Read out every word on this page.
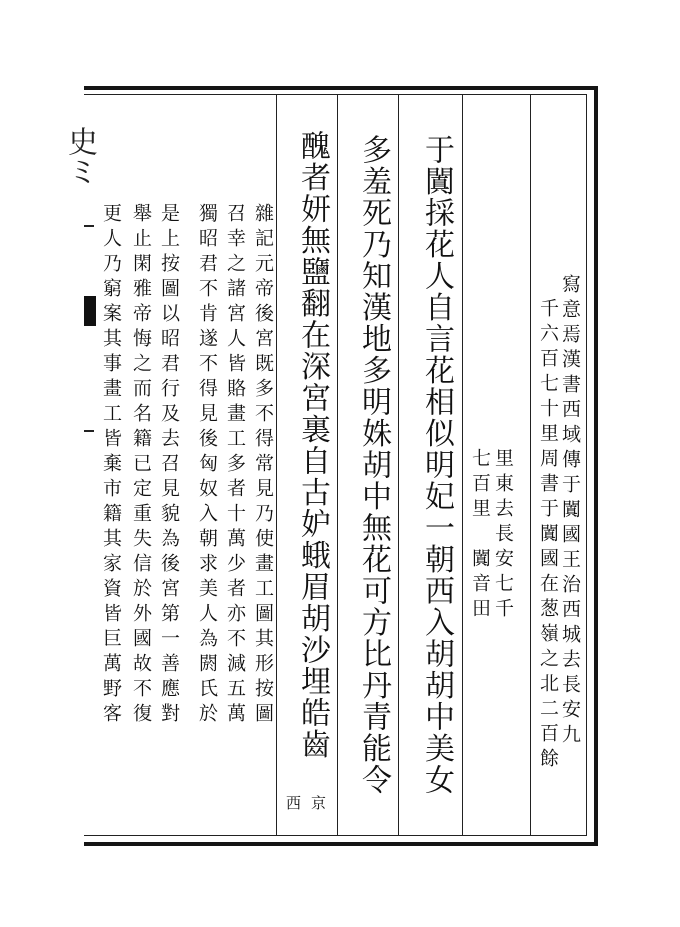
史ミ
寫意焉漢書西域傳于闐國王治西城去長安九
千六百七十里周書于闐國在葱嶺之北二百餘
里東去長安七千
七百里　闐音田
于闐採花人自言花相似明妃一朝西入胡胡中美女
多羞死乃知漢地多明姝胡中無花可方比丹青能令
醜者妍無鹽翻在深宮裏自古妒蛾眉胡沙埋皓齒
西京
雜記元帝後宮既多不得常見乃使畫工圖其形按圖
召幸之諸宮人皆賂畫工多者十萬少者亦不減五萬
獨昭君不肯遂不得見後匈奴入朝求美人為閼氏於
是上按圖以昭君行及去召見貌為後宮第一善應對
舉止閑雅帝悔之而名籍已定重失信於外國故不復
更人乃窮案其事畫工皆棄市籍其家資皆巨萬野客
